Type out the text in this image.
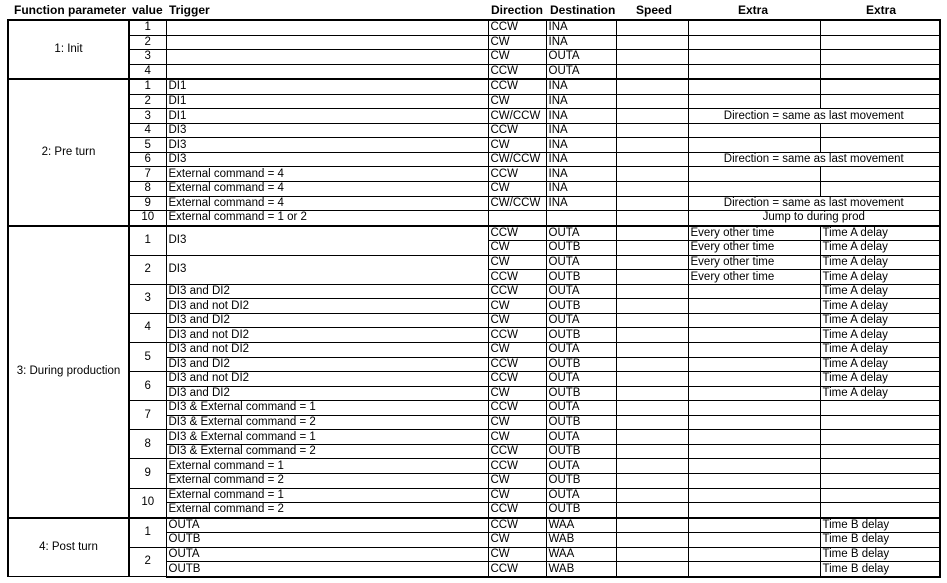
Function parameter value Trigger	Direction Destination Speed	Extra	Extra
1: Init	1		CCW	INA			
	2		CW	INA			
	3		CW	OUTA			
	4		CCW	OUTA			
2: Pre turn	1	DI1	CCW	INA			
	2	DI1	CW	INA			
	3	DI1	CW/CCW	INA		Direction = same as last movement	
	4	DI3	CCW	INA			
	5	DI3	CW	INA			
	6	DI3	CW/CCW	INA		Direction = same as last movement	
	7	External command = 4	CCW	INA			
	8	External command = 4	CW	INA			
	9	External command = 4	CW/CCW	INA		Direction = same as last movement	
	10	External command = 1 or 2				Jump to during prod	
3: During production	1	DI3	CCW	OUTA		Every other time	Time A delay
			CW	OUTB		Every other time	Time A delay
	2	DI3	CW	OUTA		Every other time	Time A delay
			CCW	OUTB		Every other time	Time A delay
	3	DI3 and DI2	CCW	OUTA			Time A delay
		DI3 and not DI2	CW	OUTB			Time A delay
	4	DI3 and DI2	CW	OUTA			Time A delay
		DI3 and not DI2	CCW	OUTB			Time A delay
	5	DI3 and not DI2	CW	OUTA			Time A delay
		DI3 and DI2	CCW	OUTB			Time A delay
	6	DI3 and not DI2	CCW	OUTA			Time A delay
		DI3 and DI2	CW	OUTB			Time A delay
	7	DI3 & External command = 1	CCW	OUTA			
		DI3 & External command = 2	CW	OUTB			
	8	DI3 & External command = 1	CW	OUTA			
		DI3 & External command = 2	CCW	OUTB			
	9	External command = 1	CCW	OUTA			
		External command = 2	CW	OUTB			
	10	External command = 1	CW	OUTA			
		External command = 2	CCW	OUTB			
4: Post turn	1	OUTA	CCW	WAA			Time B delay
		OUTB	CW	WAB			Time B delay
	2	OUTA	CW	WAA			Time B delay
		OUTB	CCW	WAB			Time B delay
